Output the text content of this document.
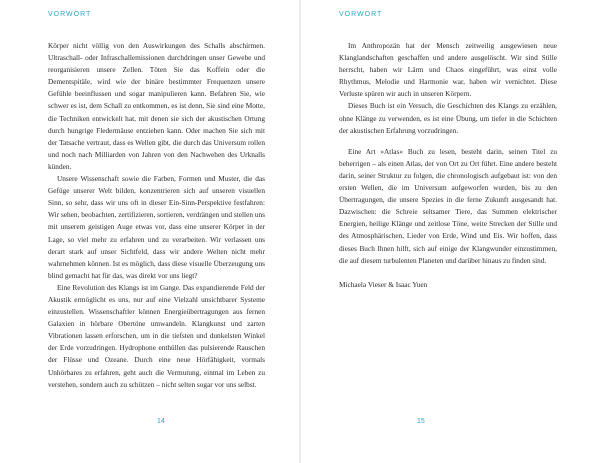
VORWORT

Körper nicht völlig von den Auswirkungen des Schalls abschirmen. Ultraschall- oder Infraschallemissionen durchdringen unser Gewebe und reorganisieren unsere Zellen. Töten Sie das Koffein oder die Dementspitäle, wird wie der binäre bestimmter Frequenzen unsere Gefühle beeinflussen und sogar manipulieren kann. Befahren Sie, wie schwer es ist, dem Schall zu entkommen, es ist denn, Sie sind eine Motte, die Techniken entwickelt hat, mit denen sie sich der akustischen Ortung durch hungrige Fledermäuse entziehen kann. Oder machen Sie sich mit der Tatsache vertraut, dass es Wellen gibt, die durch das Universum rollen und noch nach Milliarden von Jahren von den Nachwehen des Urknalls künden.

Unsere Wissenschaft sowie die Farben, Formen und Muster, die das Gefüge unserer Welt bilden, konzentrieren sich auf unseren visuellen Sinn, so sehr, dass wir uns oft in dieser Ein-Sinn-Perspektive festfahren: Wir sehen, beobachten, zertifizieren, sortieren, verdrängen und stellen uns mit unserem geistigen Auge etwas vor, dass eine unserer Körper in der Lage, so viel mehr zu erfahren und zu verarbeiten. Wir verlassen uns derart stark auf unser Sichtfeld, dass wir andere Welten nicht mehr wahrnehmen können. Ist es möglich, dass diese visuelle Überzeugung uns blind gemacht hat für das, was direkt vor uns liegt?

Eine Revolution des Klangs ist im Gange. Das expandierende Feld der Akustik ermöglicht es uns, nur auf eine Vielzahl unsichtbarer Systeme einzustellen. Wissenschaftler können Energieübertragungen aus fernen Galaxien in hörbare Obertöne umwandeln. Klangkunst und zarten Vibrationen lassen erforschen, um in die tiefsten und dunkelsten Winkel der Erde vorzudringen. Hydrophone enthüllen das pulsierende Rauschen der Flüsse und Ozeane. Durch eine neue Hörfähigkeit, vormals Unhörbares zu erfahren, geht auch die Vermutung, einmal im Leben zu verstehen, sondern auch zu schützen – nicht selten sogar vor uns selbst.

14
VORWORT

Im Anthropozän hat der Mensch zeitweilig ausgewiesen neue Klanglandschaften geschaffen und andere ausgelöscht. Wir sind Stille herrscht, haben wir Lärm und Chaos eingeführt, was einst volle Rhythmus, Melodie und Harmonie war, haben wir vernichtet. Diese Verluste spüren wir auch in unseren Körpern.

Dieses Buch ist ein Versuch, die Geschichten des Klangs zu erzählen, ohne Klänge zu verwenden, es ist eine Übung, um tiefer in die Schichten der akustischen Erfahrung vorzudringen.

Eine Art »Atlas« Buch zu lesen, besteht darin, seinen Titel zu beherrigen – als einen Atlas, der von Ort zu Ort führt. Eine andere besteht darin, seiner Struktur zu folgen, die chronologisch aufgebaut ist: von den ersten Wellen, die im Universum aufgeworfen wurden, bis zu den Übertragungen, die unsere Spezies in die ferne Zukunft ausgesandt hat. Dazwischen: die Schreie seltsamer Tiere, das Summen elektrischer Energien, heilige Klänge und zeitlose Töne, weite Strecken der Stille und des Atmosphärischen, Lieder von Erde, Wind und Eis. Wir hoffen, dass dieses Buch Ihnen hilft, sich auf einige der Klangwunder einzustimmen, die auf diesem turbulenten Planeten und darüber hinaus zu finden sind.

Michaela Vieser & Isaac Yuen

15
